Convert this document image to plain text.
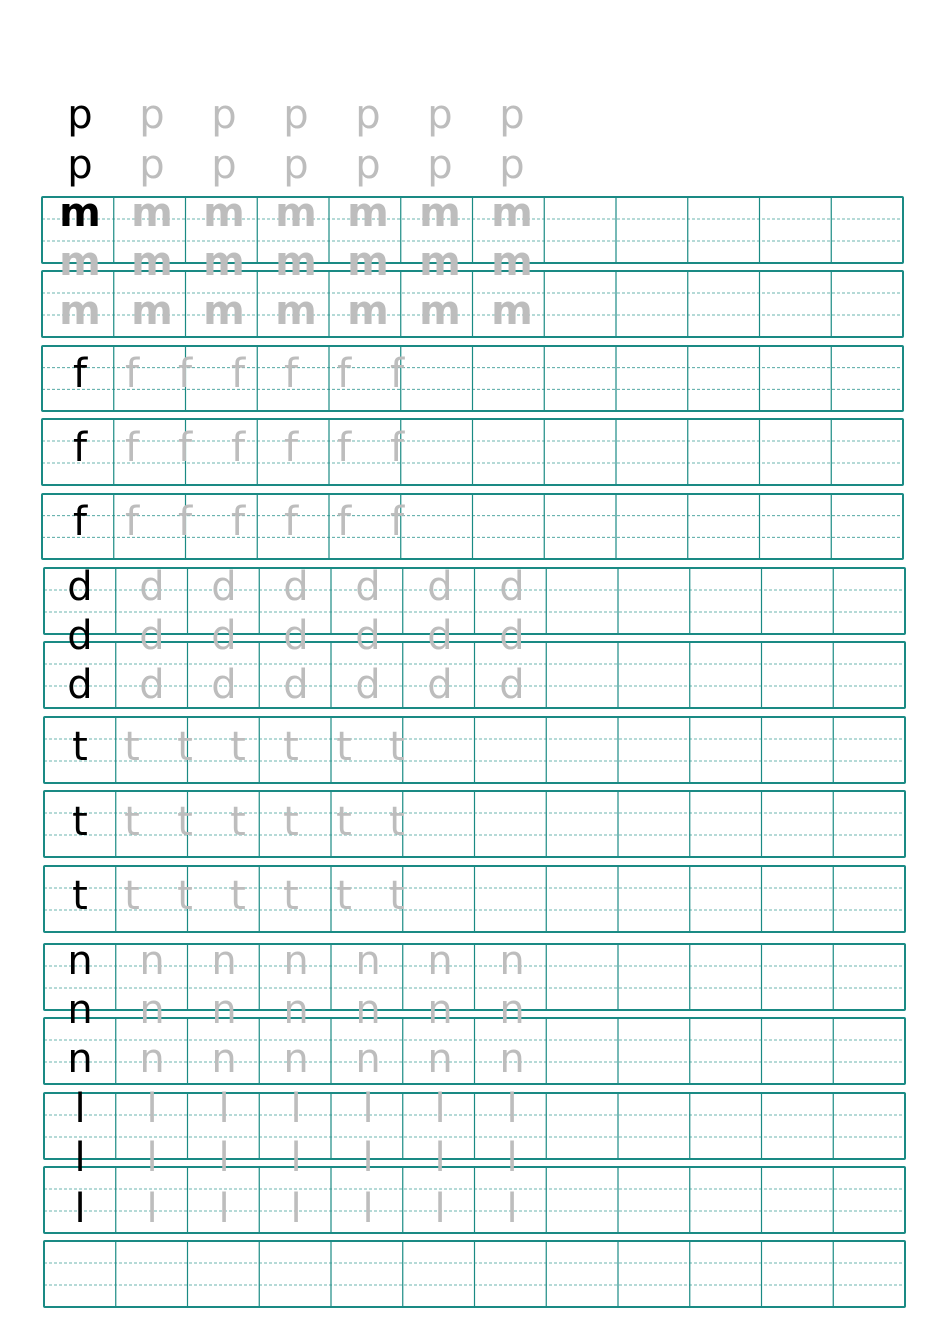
p p p p p p p
p p p p p p p
m m m m m m m
m m m m m m m
m m m m m m m
f f f f f f f
f f f f f f f
f f f f f f f
d d d d d d d
d d d d d d d
d d d d d d d
t t t t t t t
t t t t t t t
t t t t t t t
n n n n n n n
n n n n n n n
n n n n n n n
l l l l l l l
l l l l l l l
l l l l l l l
